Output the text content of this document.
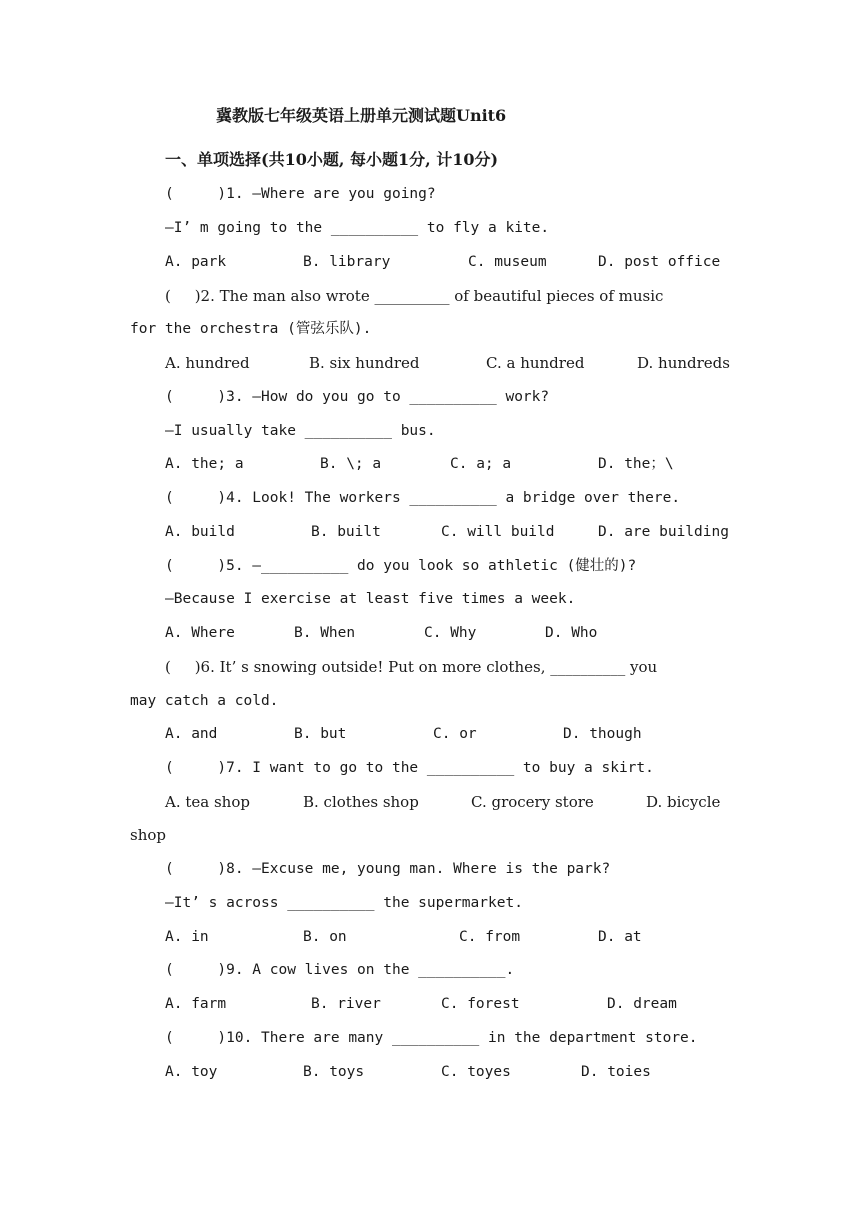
冀教版七年级英语上册单元测试题Unit6
一、单项选择(共10小题, 每小题1分, 计10分)
(     )1. —Where are you going?
—I’ m going to the __________ to fly a kite.
A. park	B. library	C. museum	D. post office
(     )2. The man also wrote __________ of beautiful pieces of music
for the orchestra (管弦乐队).
A. hundred	B. six hundred	C. a hundred	D. hundreds
(     )3. —How do you go to __________ work?
—I usually take __________ bus.
A. the; a	B. \; a	C. a; a	D. the；\
(     )4. Look! The workers __________ a bridge over there.
A. build	B. built	C. will build	D. are building
(     )5. —__________ do you look so athletic (健壮的)?
—Because I exercise at least five times a week.
A. Where	B. When	C. Why	D. Who
(     )6. It’ s snowing outside! Put on more clothes, __________ you
may catch a cold.
A. and	B. but	C. or	D. though
(     )7. I want to go to the __________ to buy a skirt.
A. tea shop	B. clothes shop	C. grocery store	D. bicycle
shop
(     )8. —Excuse me, young man. Where is the park?
—It’ s across __________ the supermarket.
A. in	B. on	C. from	D. at
(     )9. A cow lives on the __________.
A. farm	B. river	C. forest	D. dream
(     )10. There are many __________ in the department store.
A. toy	B. toys	C. toyes	D. toies
